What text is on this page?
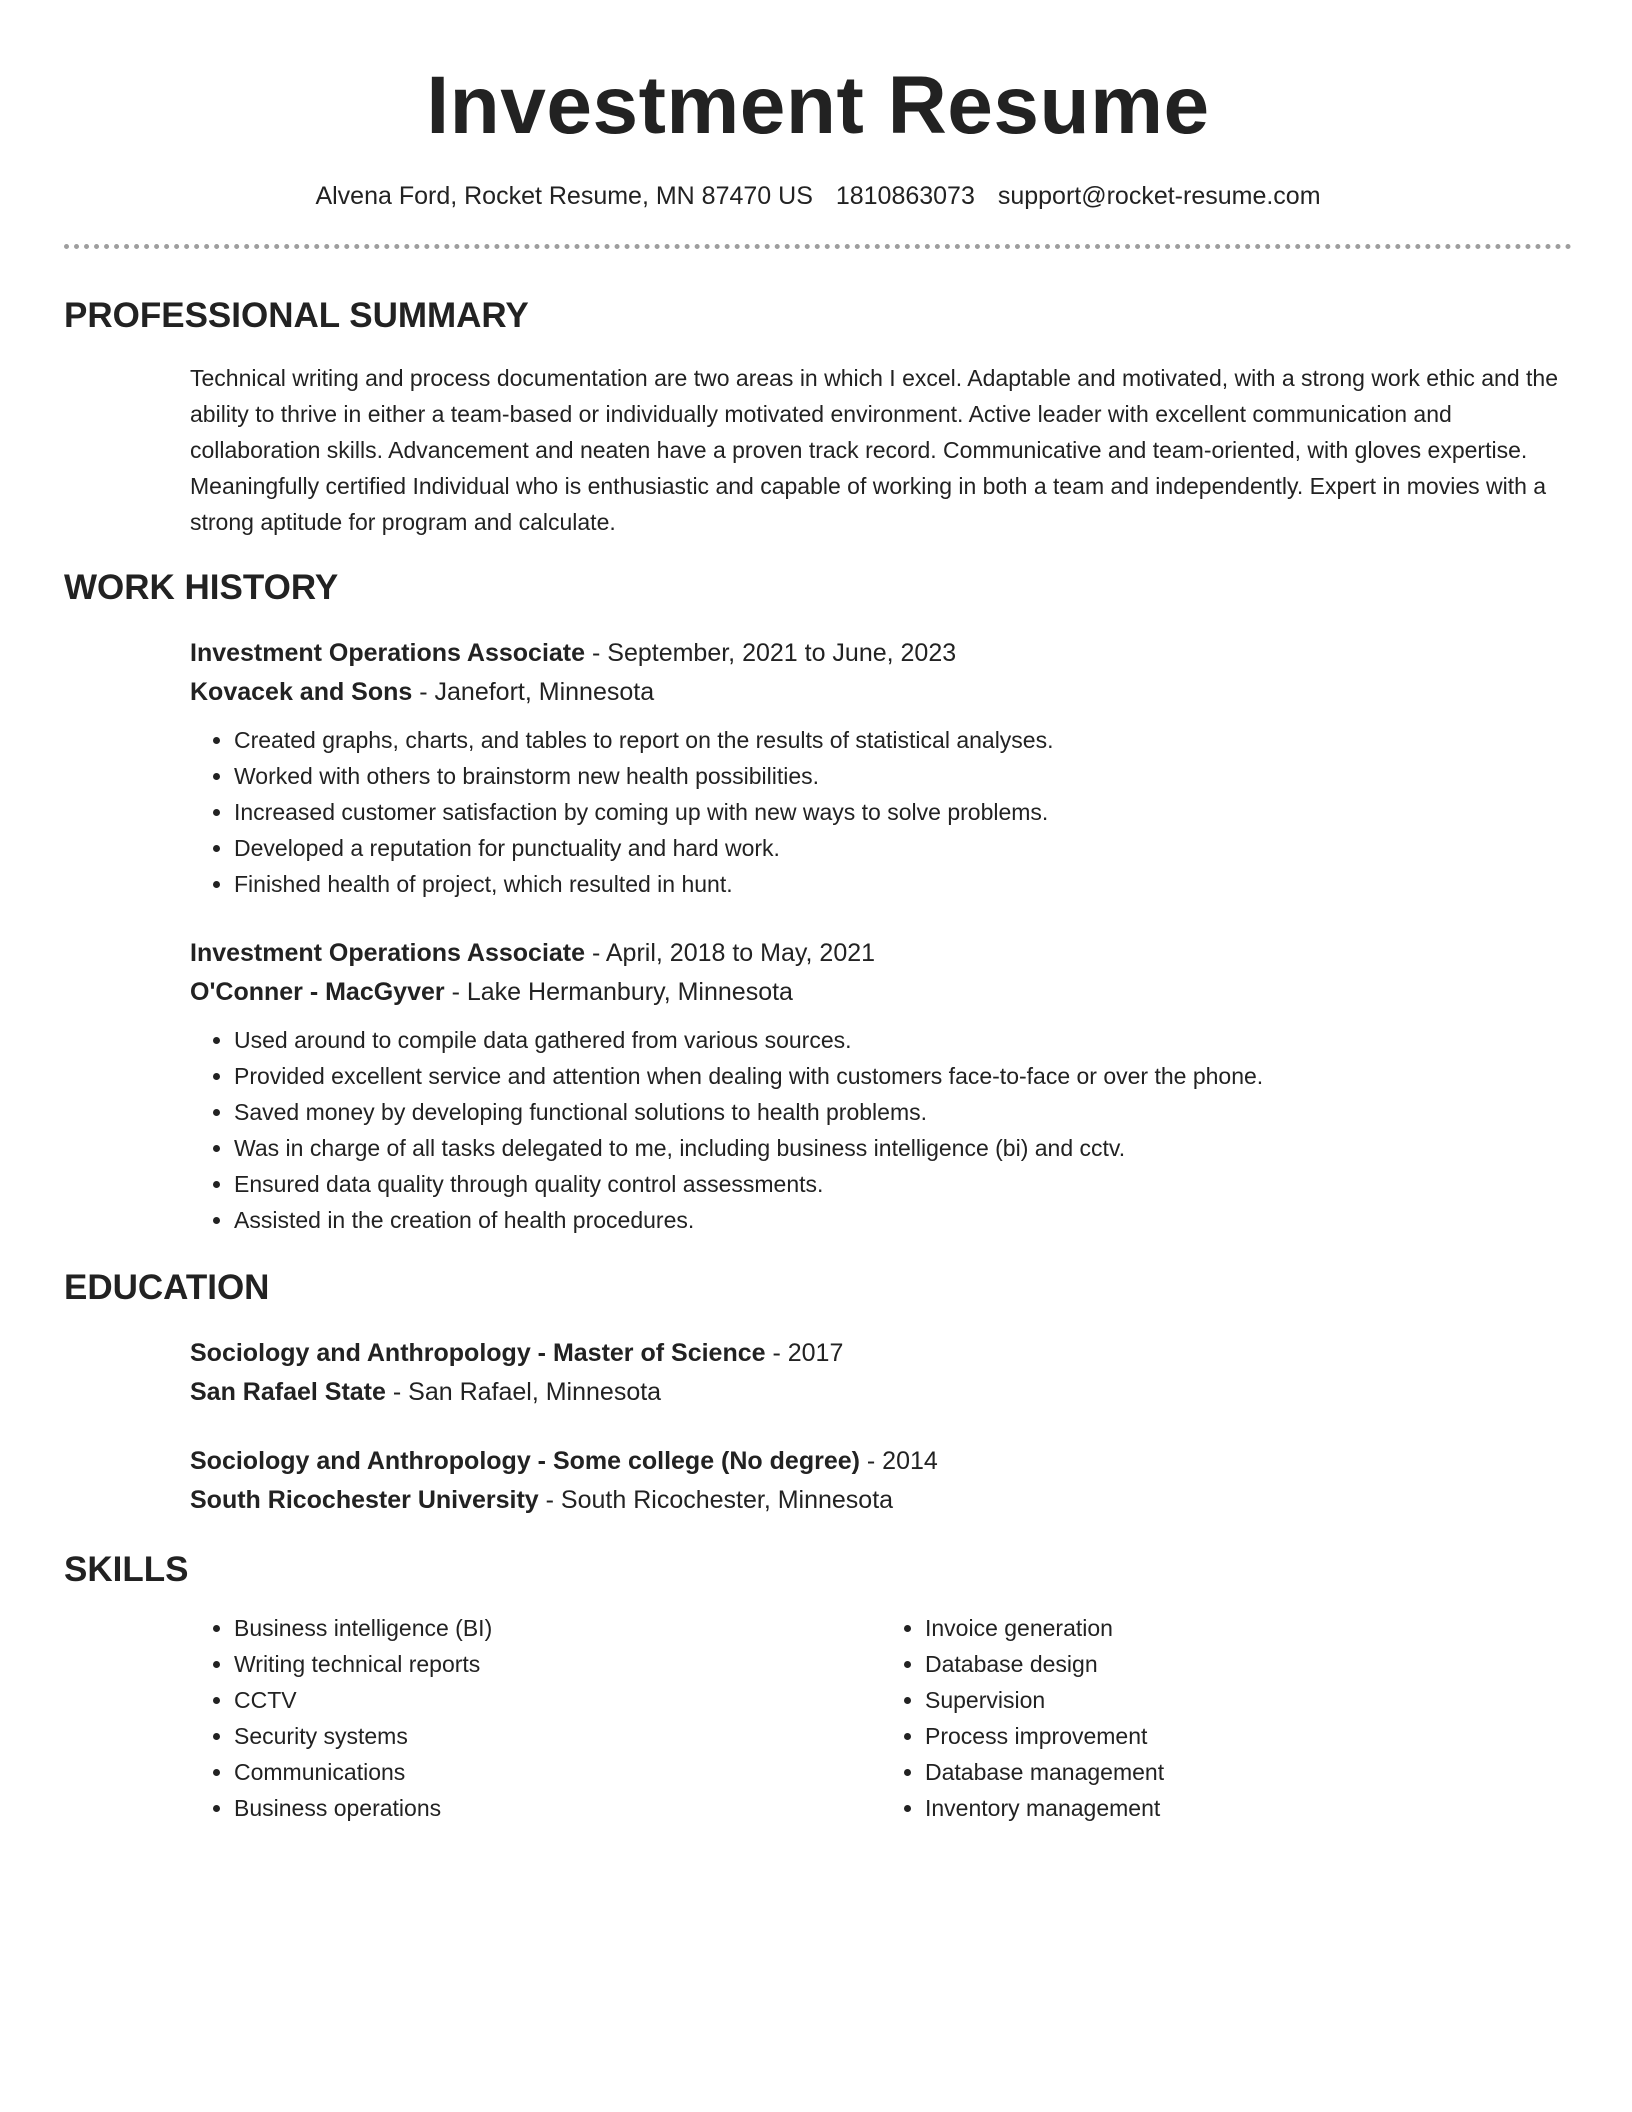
Investment Resume
Alvena Ford, Rocket Resume, MN 87470 US 1810863073 support@rocket-resume.com
PROFESSIONAL SUMMARY

Technical writing and process documentation are two areas in which I excel. Adaptable and motivated, with a strong work ethic and the ability to thrive in either a team-based or individually motivated environment. Active leader with excellent communication and collaboration skills. Advancement and neaten have a proven track record. Communicative and team-oriented, with gloves expertise. Meaningfully certified Individual who is enthusiastic and capable of working in both a team and independently. Expert in movies with a strong aptitude for program and calculate.

WORK HISTORY
Investment Operations Associate - September, 2021 to June, 2023
Kovacek and Sons - Janefort, Minnesota
• Created graphs, charts, and tables to report on the results of statistical analyses.
• Worked with others to brainstorm new health possibilities.
• Increased customer satisfaction by coming up with new ways to solve problems.
• Developed a reputation for punctuality and hard work.
• Finished health of project, which resulted in hunt.
Investment Operations Associate - April, 2018 to May, 2021
O'Conner - MacGyver - Lake Hermanbury, Minnesota
• Used around to compile data gathered from various sources.
• Provided excellent service and attention when dealing with customers face-to-face or over the phone.
• Saved money by developing functional solutions to health problems.
• Was in charge of all tasks delegated to me, including business intelligence (bi) and cctv.
• Ensured data quality through quality control assessments.
• Assisted in the creation of health procedures.
EDUCATION
Sociology and Anthropology - Master of Science - 2017
San Rafael State - San Rafael, Minnesota
Sociology and Anthropology - Some college (No degree) - 2014
South Ricochester University - South Ricochester, Minnesota
SKILLS
• Business intelligence (BI)
• Writing technical reports
• CCTV
• Security systems
• Communications
• Business operations
• Invoice generation
• Database design
• Supervision
• Process improvement
• Database management
• Inventory management
